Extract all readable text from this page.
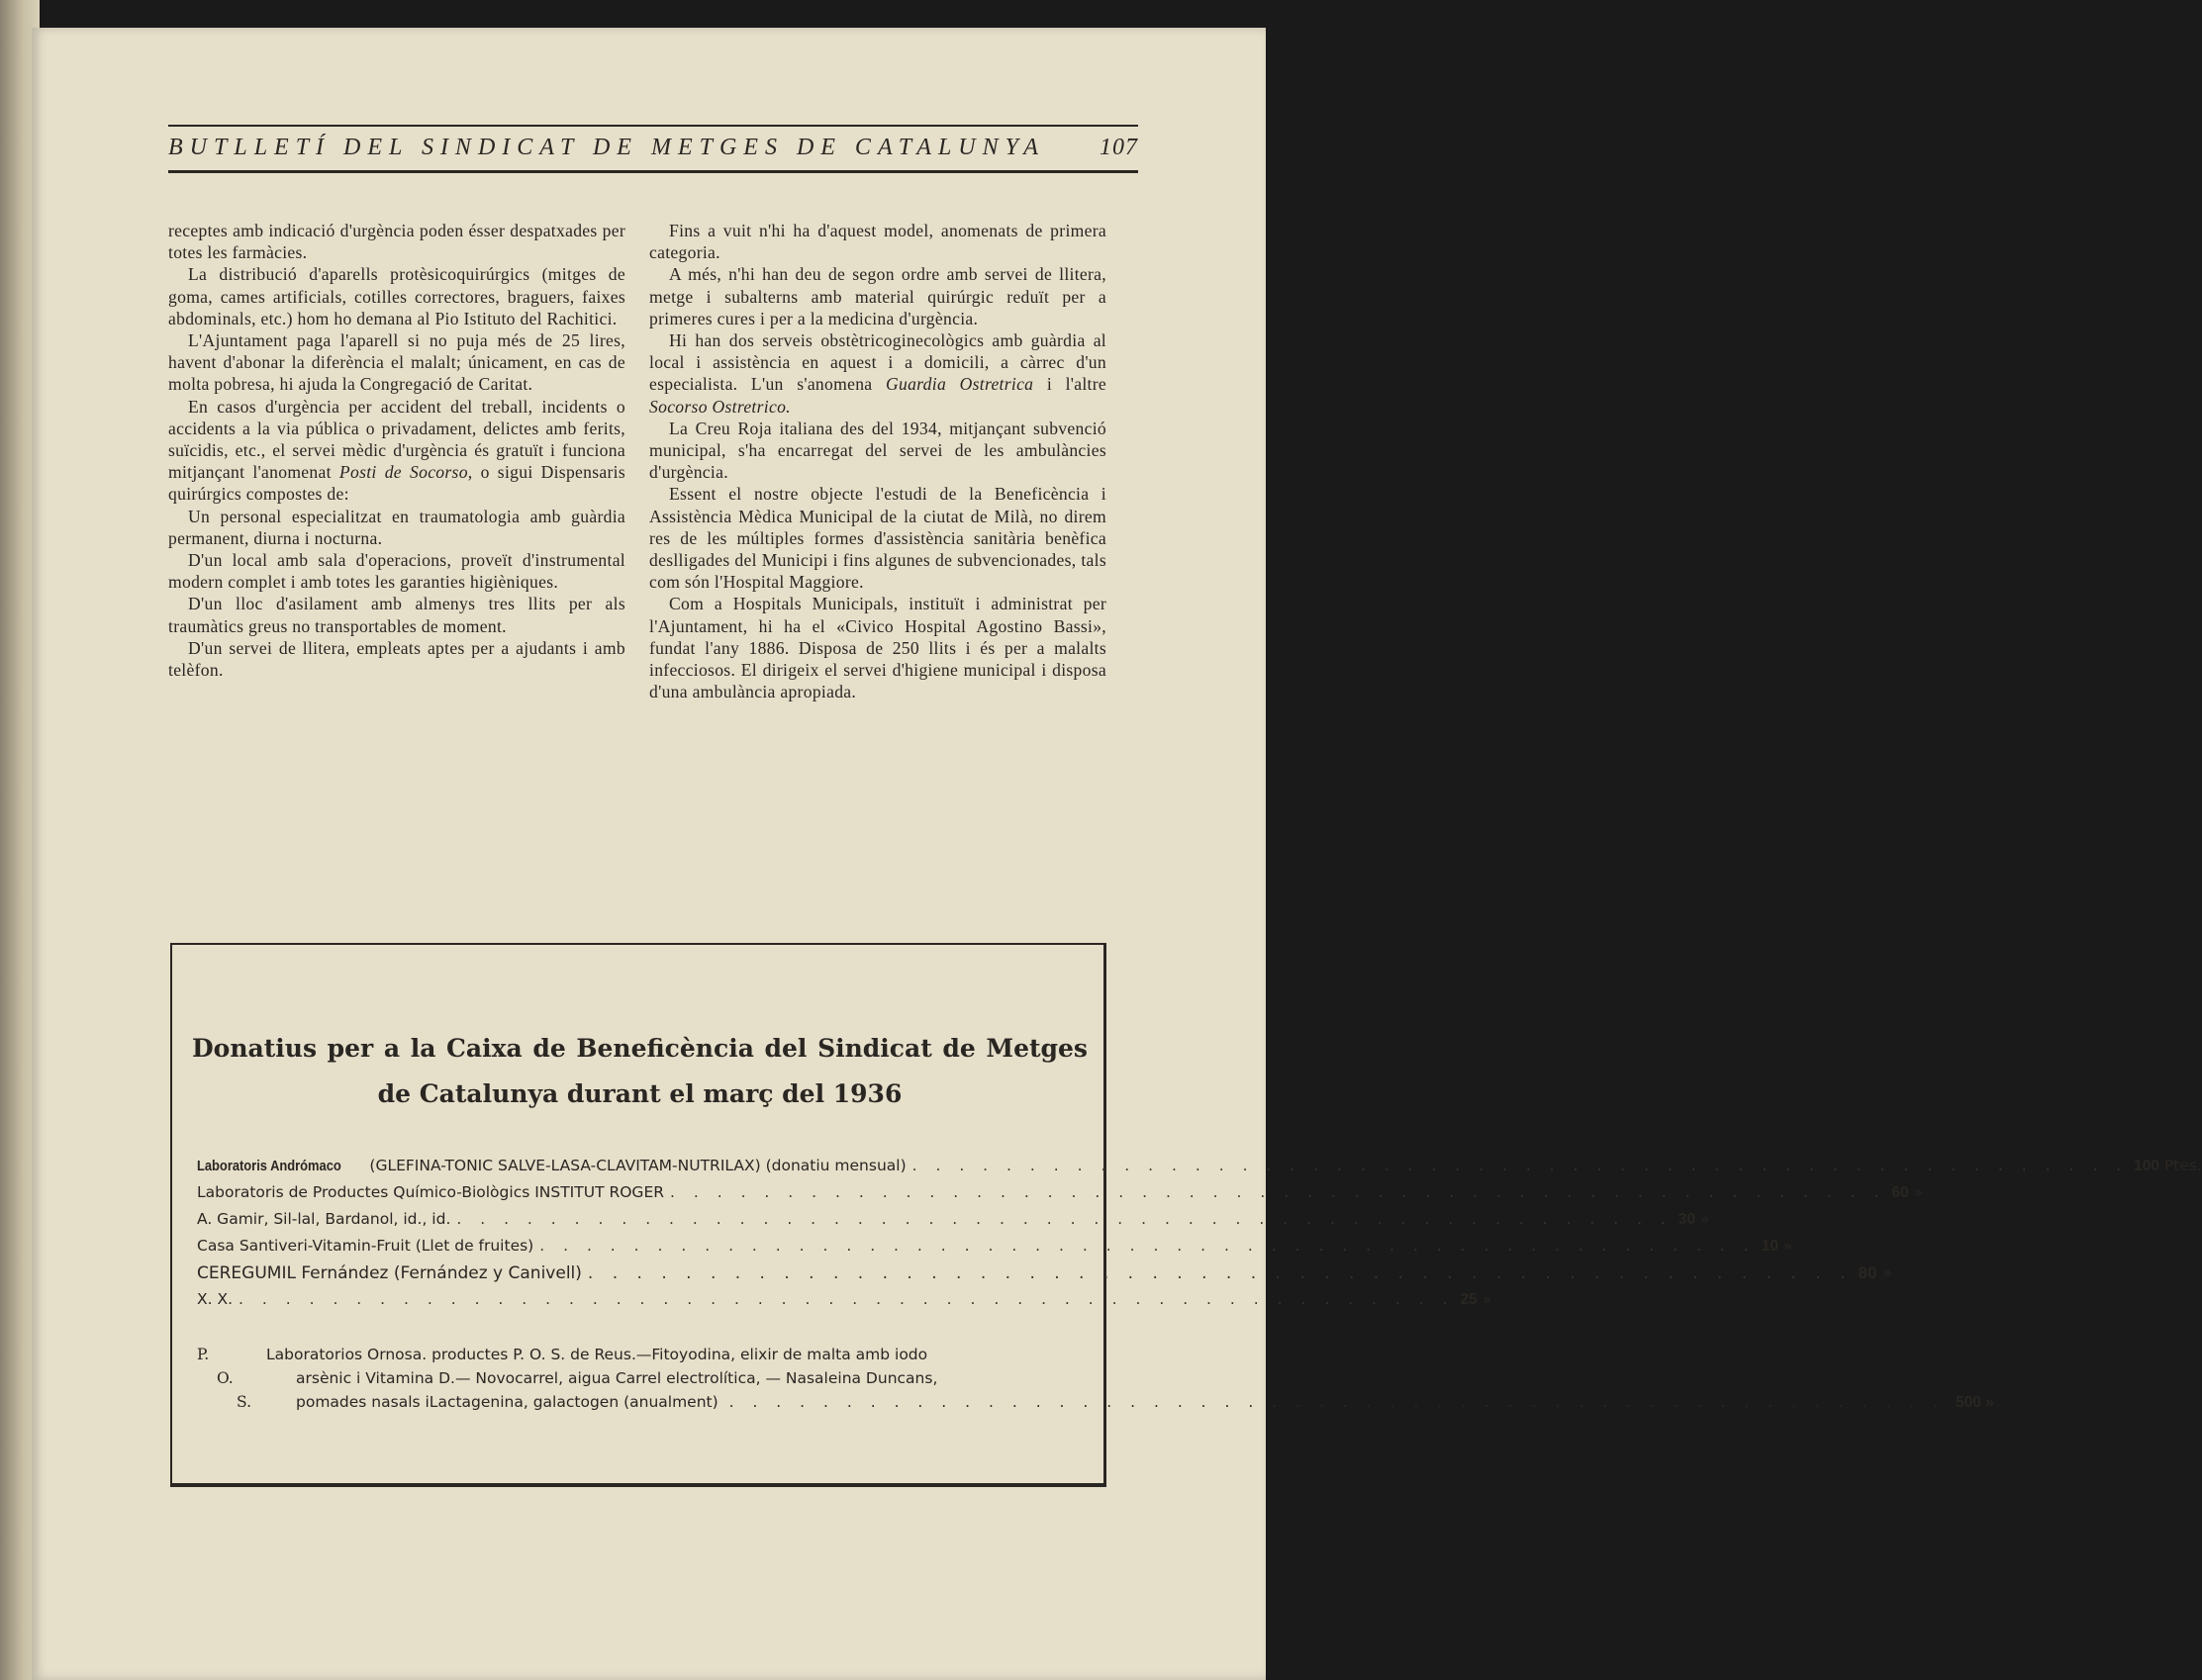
BUTLLETÍ DEL SINDICAT DE METGES DE CATALUNYA 107

receptes amb indicació d'urgència poden ésser despatxades per totes les farmàcies.

La distribució d'aparells protèsicoquirúrgics (mitges de goma, cames artificials, cotilles correctores, braguers, faixes abdominals, etc.) hom ho demana al Pio Istituto del Rachitici.

L'Ajuntament paga l'aparell si no puja més de 25 lires, havent d'abonar la diferència el malalt; únicament, en cas de molta pobresa, hi ajuda la Congregació de Caritat.

En casos d'urgència per accident del treball, incidents o accidents a la via pública o privadament, delictes amb ferits, suïcidis, etc., el servei mèdic d'urgència és gratuït i funciona mitjançant l'anomenat Posti de Socorso, o sigui Dispensaris quirúrgics compostes de:

Un personal especialitzat en traumatologia amb guàrdia permanent, diurna i nocturna.

D'un local amb sala d'operacions, proveït d'instrumental modern complet i amb totes les garanties higièniques.

D'un lloc d'asilament amb almenys tres llits per als traumàtics greus no transportables de moment.

D'un servei de llitera, empleats aptes per a ajudants i amb telèfon.

Fins a vuit n'hi ha d'aquest model, anomenats de primera categoria.

A més, n'hi han deu de segon ordre amb servei de llitera, metge i subalterns amb material quirúrgic reduït per a primeres cures i per a la medicina d'urgència.

Hi han dos serveis obstètricoginecològics amb guàrdia al local i assistència en aquest i a domicili, a càrrec d'un especialista. L'un s'anomena Guardia Ostretrica i l'altre Socorso Ostretrico.

La Creu Roja italiana des del 1934, mitjançant subvenció municipal, s'ha encarregat del servei de les ambulàncies d'urgència.

Essent el nostre objecte l'estudi de la Beneficència i Assistència Mèdica Municipal de la ciutat de Milà, no direm res de les múltiples formes d'assistència sanitària benèfica deslligades del Municipi i fins algunes de subvencionades, tals com són l'Hospital Maggiore.

Com a Hospitals Municipals, instituït i administrat per l'Ajuntament, hi ha el «Civico Hospital Agostino Bassi», fundat l'any 1886. Disposa de 250 llits i és per a malalts infecciosos. El dirigeix el servei d'higiene municipal i disposa d'una ambulància apropiada.

Donatius per a la Caixa de Beneficència del Sindicat de Metges
de Catalunya durant el març del 1936
Laboratoris Andrómaco (GLEFINA-TONIC SALVE-LASA-CLAVITAM-NUTRILAX) (donatiu mensual) . . . . . . . . . . . . . . . . . . . . . . . . . . . . . . . . . . . . . . . . . . . . . . . . . . . . 100 Ptes.
Laboratoris de Productes Químico-Biològics INSTITUT ROGER . . . . . . . . . . . . . . . . . . . . . . . . . . . . . . . . . . . . . . . . . . . . . . . . . . . . 60 »
A. Gamir, Sil-lal, Bardanol, id., id. . . . . . . . . . . . . . . . . . . . . . . . . . . . . . . . . . . . . . . . . . . . . . . . . . . . . 30 »
Casa Santiveri-Vitamin-Fruit (Llet de fruites) . . . . . . . . . . . . . . . . . . . . . . . . . . . . . . . . . . . . . . . . . . . . . . . . . . . . 10 »
CEREGUMIL Fernández (Fernández y Canivell) . . . . . . . . . . . . . . . . . . . . . . . . . . . . . . . . . . . . . . . . . . . . . . . . . . . . 80 »
X. X. . . . . . . . . . . . . . . . . . . . . . . . . . . . . . . . . . . . . . . . . . . . . . . . . . . . . 25 »
P.
O.
S.
Laboratorios Ornosa. productes P. O. S. de Reus.—Fitoyodina, elixir de malta amb iodo
arsènic i Vitamina D.— Novocarrel, aigua Carrel electrolítica, — Nasaleina Duncans,
pomades nasals iLactagenina, galactogen (anualment) . . . . . . . . . . . . . . . . . . . . . . . . . . . . . . . . . . . . . . . . . . . . . . . . . . . . 500 »
